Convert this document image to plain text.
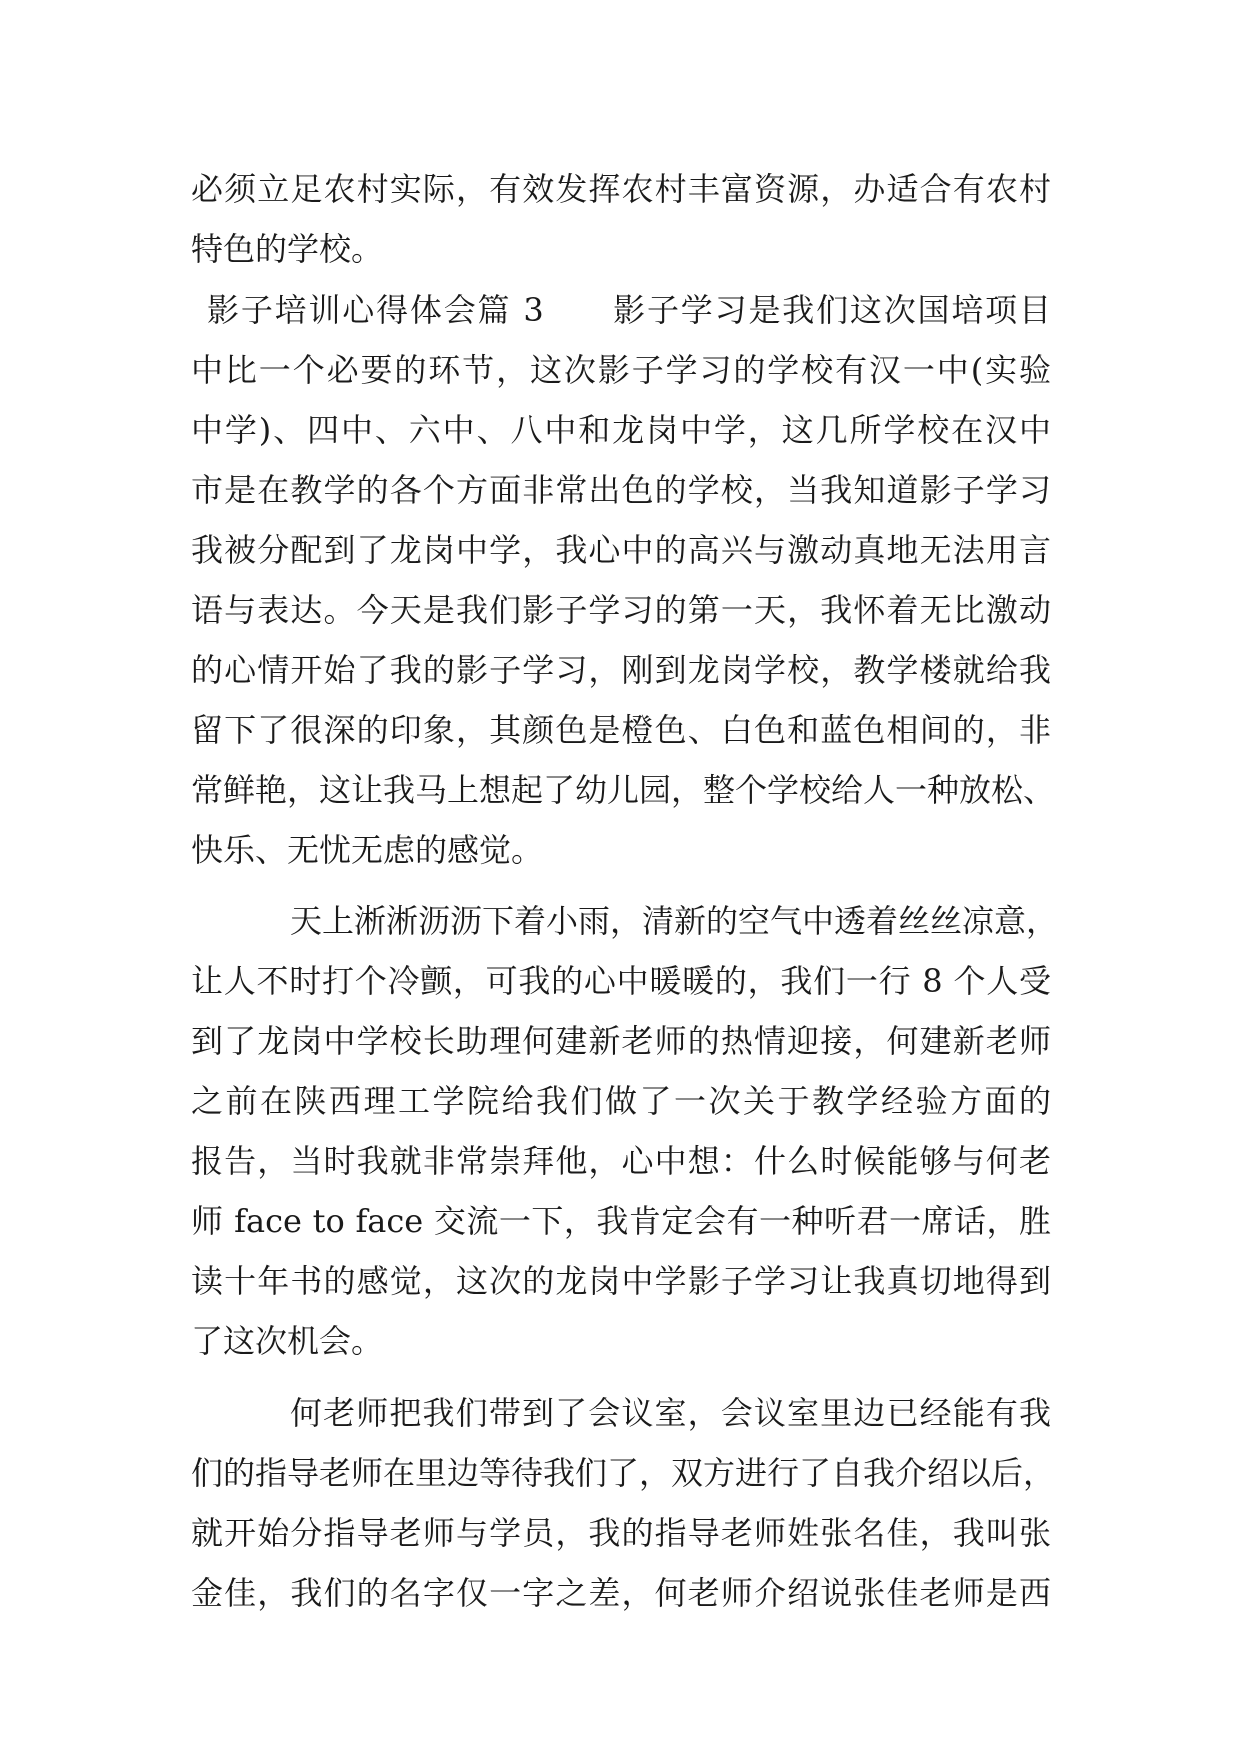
必须立足农村实际，有效发挥农村丰富资源，办适合有农村
特色的学校。
影子培训心得体会篇 3　　影子学习是我们这次国培项目
中比一个必要的环节，这次影子学习的学校有汉一中(实验
中学)、四中、六中、八中和龙岗中学，这几所学校在汉中
市是在教学的各个方面非常出色的学校，当我知道影子学习
我被分配到了龙岗中学，我心中的高兴与激动真地无法用言
语与表达。今天是我们影子学习的第一天，我怀着无比激动
的心情开始了我的影子学习，刚到龙岗学校，教学楼就给我
留下了很深的印象，其颜色是橙色、白色和蓝色相间的，非
常鲜艳，这让我马上想起了幼儿园，整个学校给人一种放松、
快乐、无忧无虑的感觉。
天上淅淅沥沥下着小雨，清新的空气中透着丝丝凉意，
让人不时打个冷颤，可我的心中暖暖的，我们一行 8 个人受
到了龙岗中学校长助理何建新老师的热情迎接，何建新老师
之前在陕西理工学院给我们做了一次关于教学经验方面的
报告，当时我就非常崇拜他，心中想：什么时候能够与何老
师 face to face 交流一下，我肯定会有一种听君一席话，胜
读十年书的感觉，这次的龙岗中学影子学习让我真切地得到
了这次机会。
何老师把我们带到了会议室，会议室里边已经能有我
们的指导老师在里边等待我们了，双方进行了自我介绍以后，
就开始分指导老师与学员，我的指导老师姓张名佳，我叫张
金佳，我们的名字仅一字之差，何老师介绍说张佳老师是西
